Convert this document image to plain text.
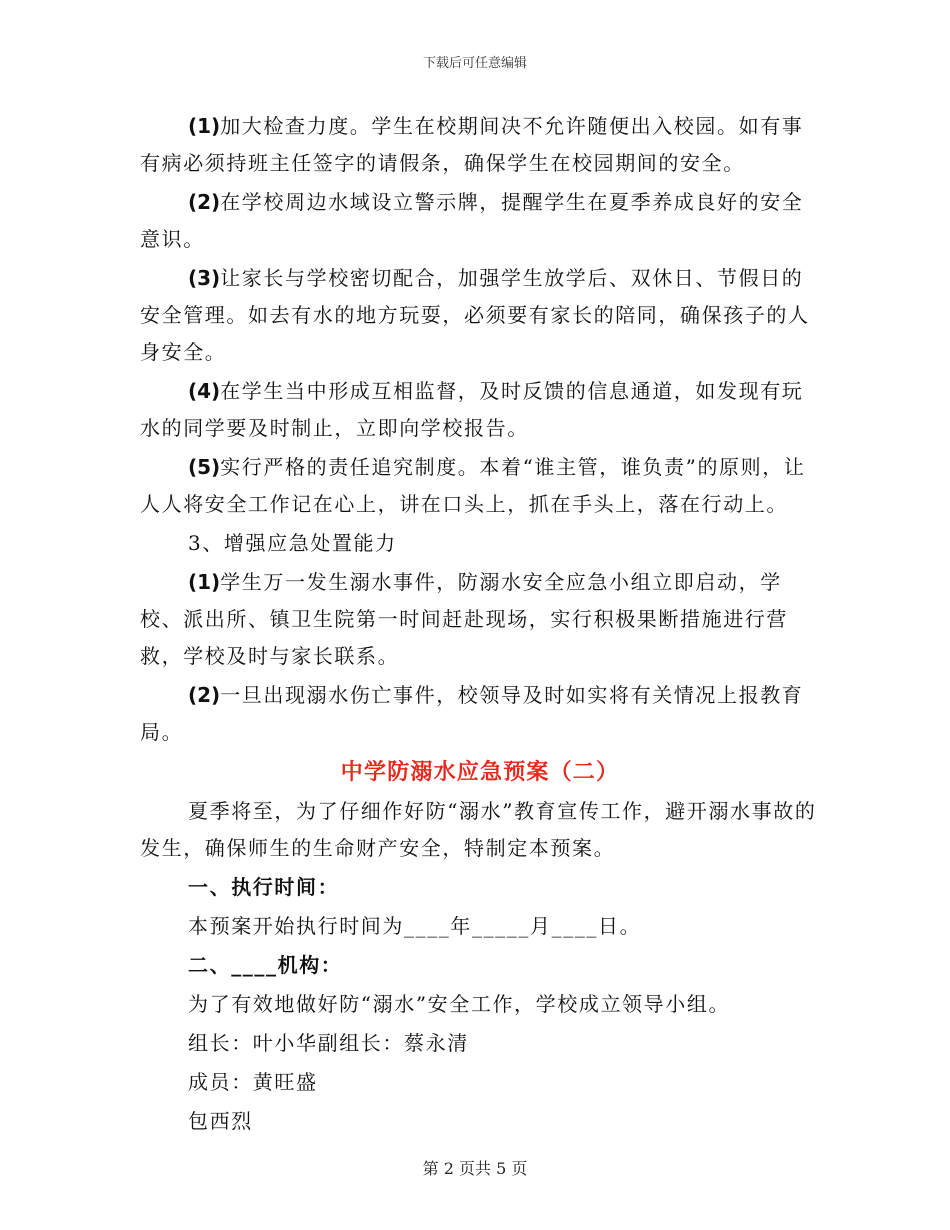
下载后可任意编辑

(1)加大检查力度。学生在校期间决不允许随便出入校园。如有事有病必须持班主任签字的请假条，确保学生在校园期间的安全。

(2)在学校周边水域设立警示牌，提醒学生在夏季养成良好的安全意识。

(3)让家长与学校密切配合，加强学生放学后、双休日、节假日的安全管理。如去有水的地方玩耍，必须要有家长的陪同，确保孩子的人身安全。

(4)在学生当中形成互相监督，及时反馈的信息通道，如发现有玩水的同学要及时制止，立即向学校报告。

(5)实行严格的责任追究制度。本着“谁主管，谁负责”的原则，让人人将安全工作记在心上，讲在口头上，抓在手头上，落在行动上。

3、增强应急处置能力

(1)学生万一发生溺水事件，防溺水安全应急小组立即启动，学校、派出所、镇卫生院第一时间赶赴现场，实行积极果断措施进行营救，学校及时与家长联系。

(2)一旦出现溺水伤亡事件，校领导及时如实将有关情况上报教育局。

中学防溺水应急预案（二）

夏季将至，为了仔细作好防“溺水”教育宣传工作，避开溺水事故的发生，确保师生的生命财产安全，特制定本预案。

一、执行时间：

本预案开始执行时间为____年_____月____日。

二、____机构：

为了有效地做好防“溺水”安全工作，学校成立领导小组。

组长：叶小华副组长：蔡永清

成员：黄旺盛

包西烈

第 2 页共 5 页
